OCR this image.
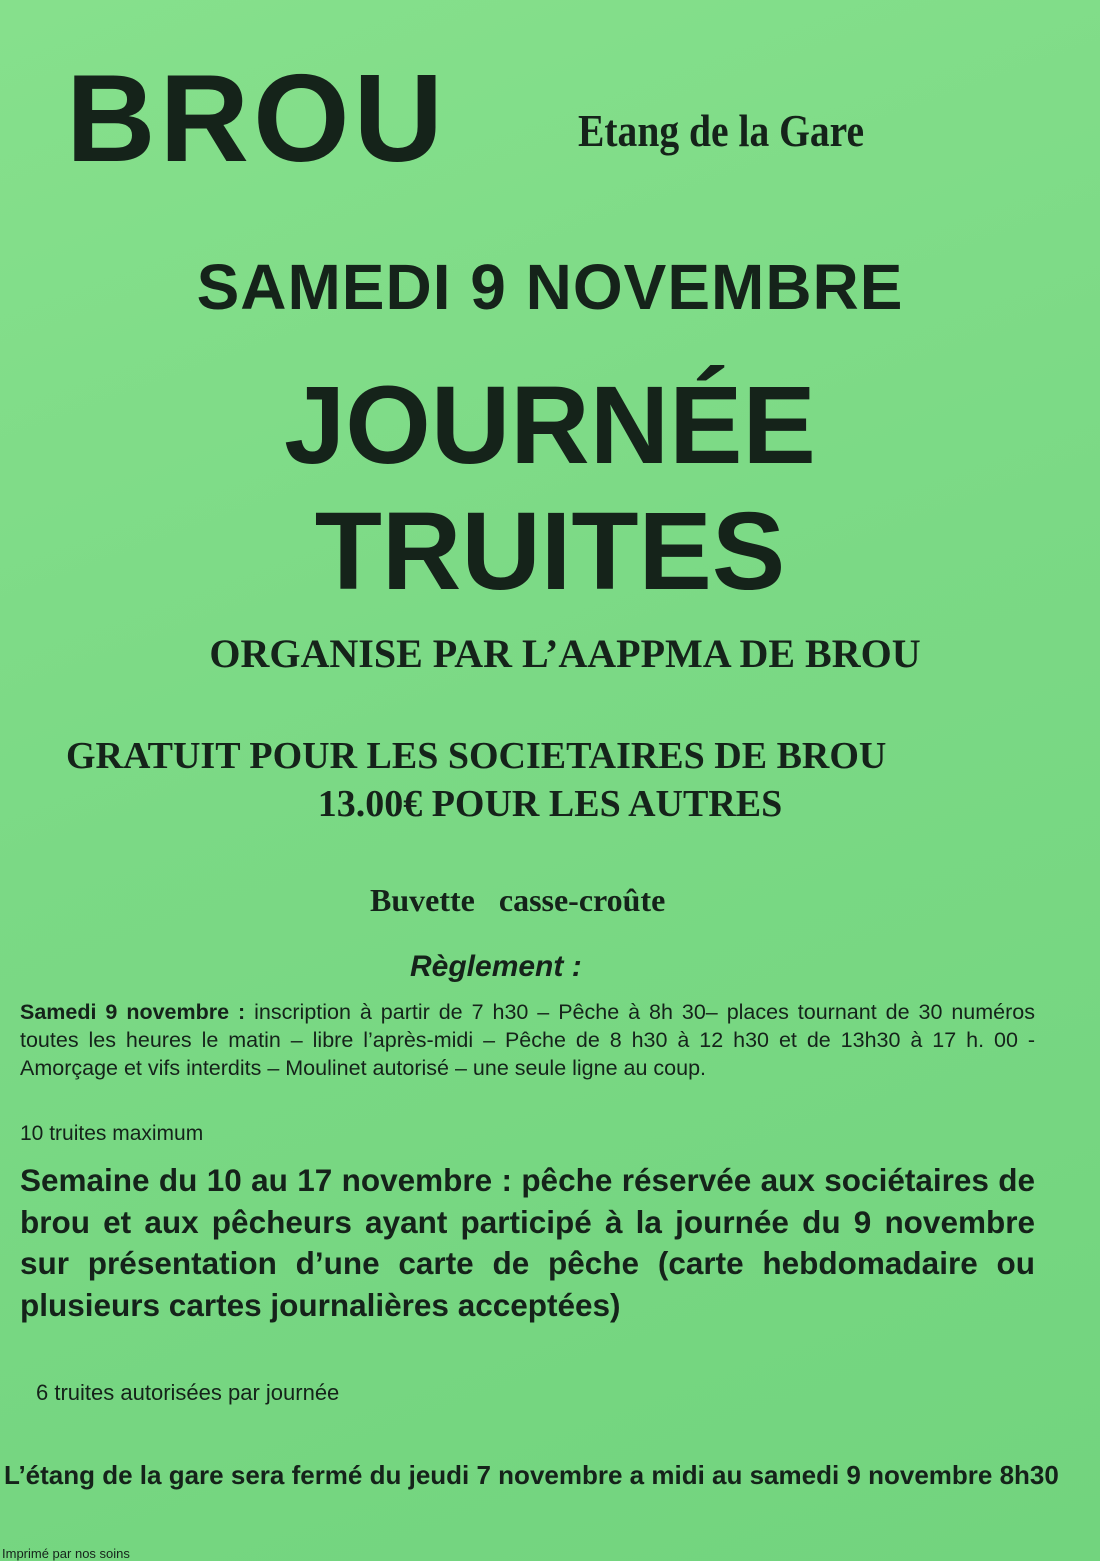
BROU	Etang de la Gare
SAMEDI 9 NOVEMBRE
JOURNÉE
TRUITES
ORGANISE PAR L’AAPPMA DE BROU
GRATUIT POUR LES SOCIETAIRES DE BROU
13.00€ POUR LES AUTRES
Buvette   casse-croûte
Règlement :
Samedi 9 novembre : inscription à partir de 7 h30 – Pêche à 8h 30– places tournant de 30 numéros toutes les heures le matin – libre l’après-midi – Pêche de 8 h30 à 12 h30 et de 13h30 à 17 h. 00 - Amorçage et vifs interdits – Moulinet autorisé – une seule ligne au coup.
10 truites maximum
Semaine du 10 au 17 novembre : pêche réservée aux sociétaires de brou et aux pêcheurs ayant participé à la journée du 9 novembre sur présentation d’une carte de pêche (carte hebdomadaire ou plusieurs cartes journalières acceptées)
6 truites autorisées par journée
L’étang de la gare sera fermé du jeudi 7 novembre a midi au samedi 9 novembre 8h30
Imprimé par nos soins
